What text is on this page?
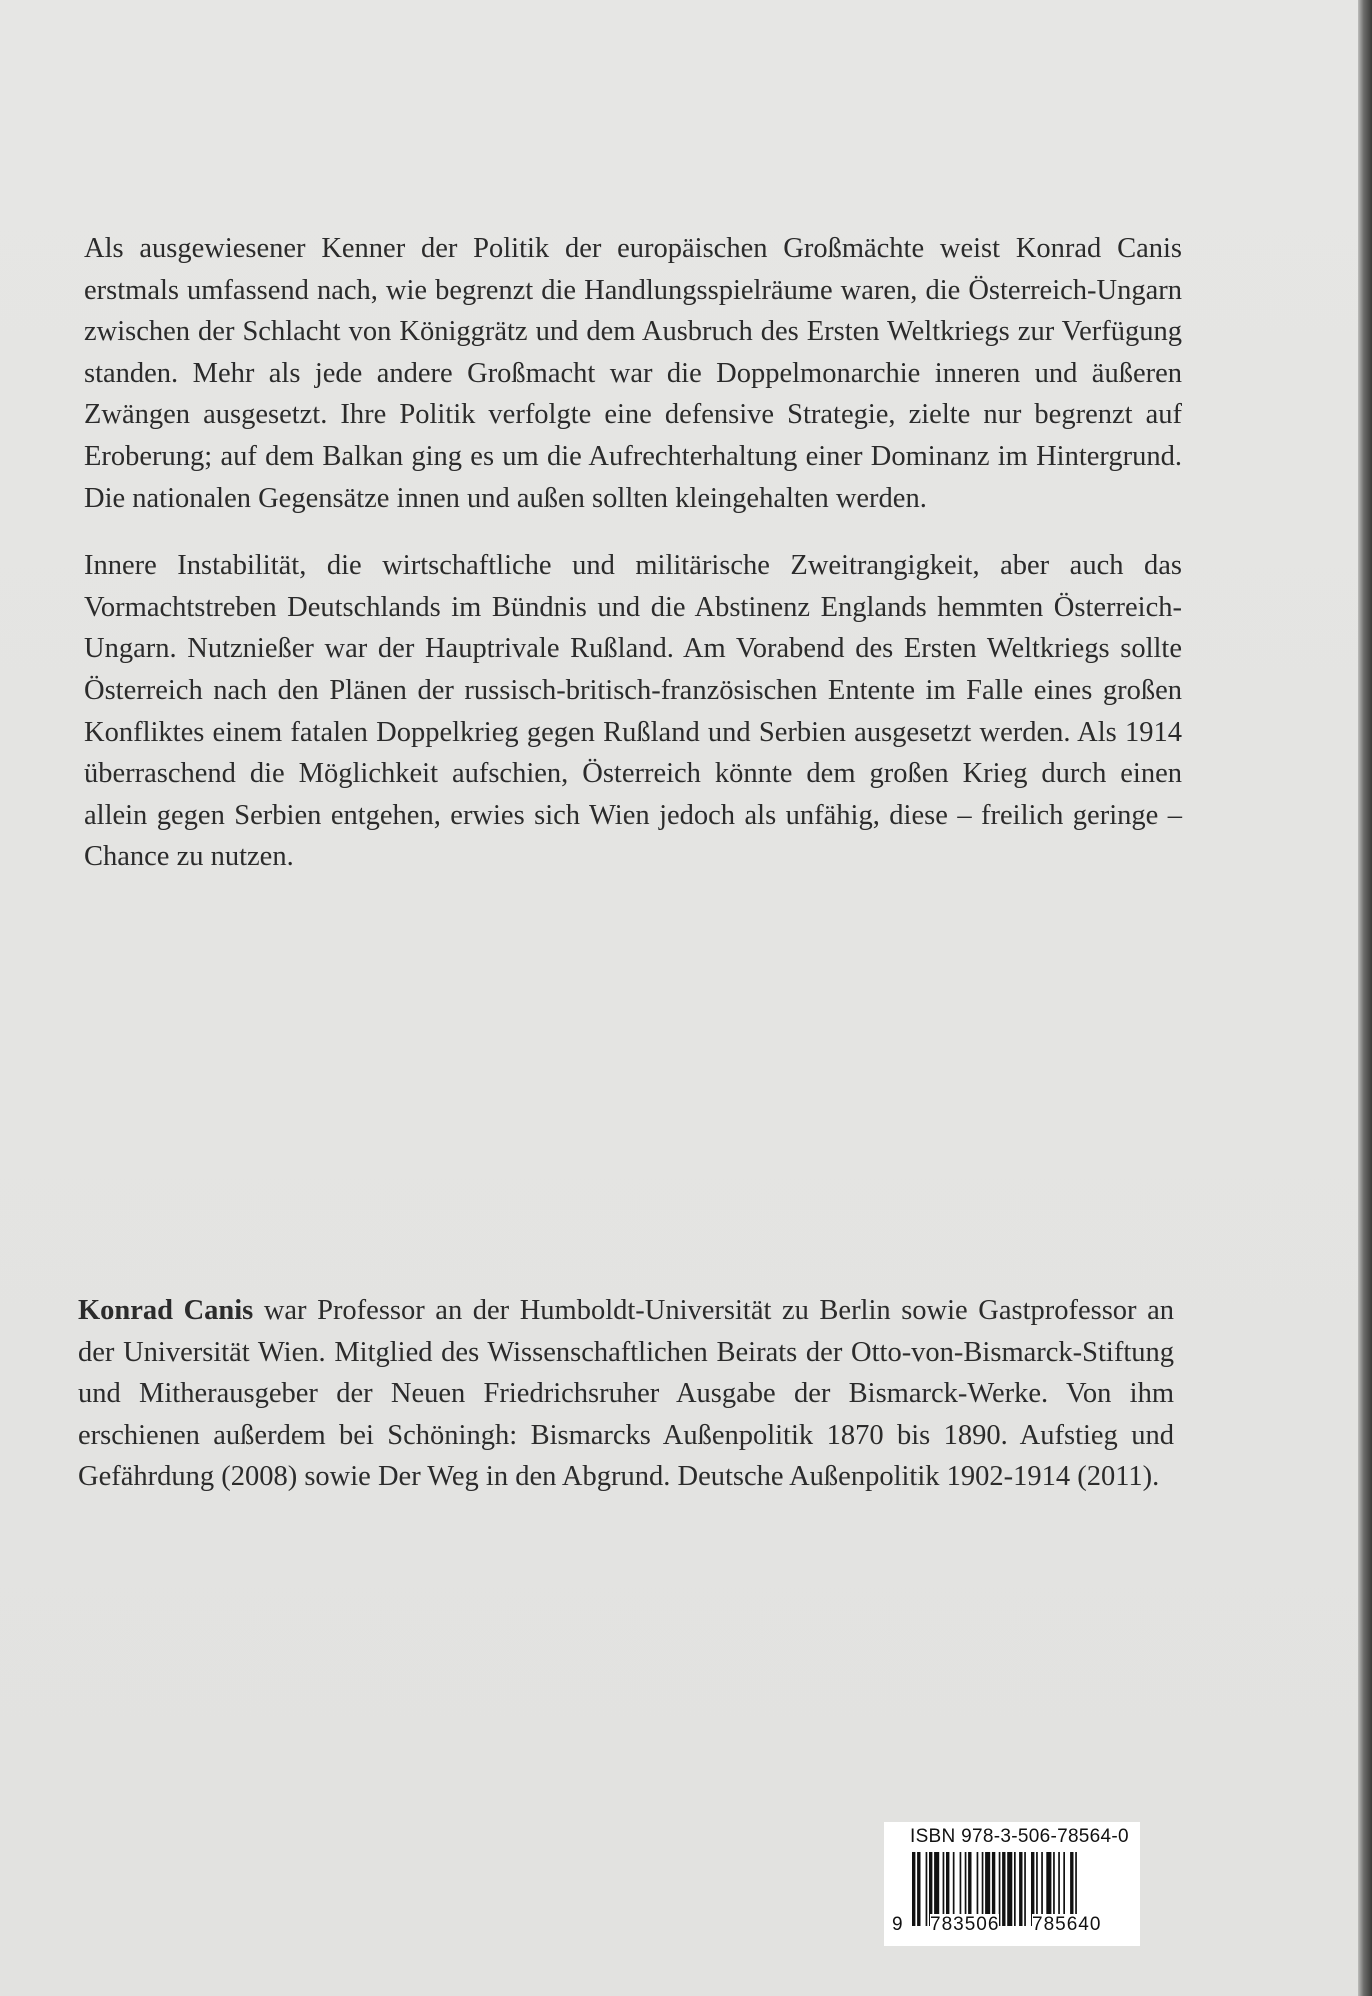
Als ausgewiesener Kenner der Politik der europäischen Großmächte weist Konrad Canis erstmals umfassend nach, wie begrenzt die Handlungsspielräume waren, die Österreich-Ungarn zwischen der Schlacht von Königgrätz und dem Ausbruch des Ersten Weltkriegs zur Verfügung standen. Mehr als jede andere Großmacht war die Doppelmonarchie inneren und äußeren Zwängen ausgesetzt. Ihre Politik verfolgte eine defensive Strategie, zielte nur begrenzt auf Eroberung; auf dem Balkan ging es um die Aufrechterhaltung einer Dominanz im Hintergrund. Die nationalen Gegensätze innen und außen sollten kleingehalten werden.

Innere Instabilität, die wirtschaftliche und militärische Zweitrangigkeit, aber auch das Vormachtstreben Deutschlands im Bündnis und die Abstinenz Englands hemmten Österreich-Ungarn. Nutznießer war der Hauptrivale Rußland. Am Vorabend des Ersten Weltkriegs sollte Österreich nach den Plänen der russisch-britisch-französischen Entente im Falle eines großen Konfliktes einem fatalen Doppelkrieg gegen Rußland und Serbien ausgesetzt werden. Als 1914 überraschend die Möglichkeit aufschien, Österreich könnte dem großen Krieg durch einen allein gegen Serbien entgehen, erwies sich Wien jedoch als unfähig, diese – freilich geringe – Chance zu nutzen.

Konrad Canis war Professor an der Humboldt-Universität zu Berlin sowie Gastprofessor an der Universität Wien. Mitglied des Wissenschaftlichen Beirats der Otto-von-Bismarck-Stiftung und Mitherausgeber der Neuen Friedrichsruher Ausgabe der Bismarck-Werke. Von ihm erschienen außerdem bei Schöningh: Bismarcks Außenpolitik 1870 bis 1890. Aufstieg und Gefährdung (2008) sowie Der Weg in den Abgrund. Deutsche Außenpolitik 1902-1914 (2011).

ISBN 978-3-506-78564-0
9 783506 785640
